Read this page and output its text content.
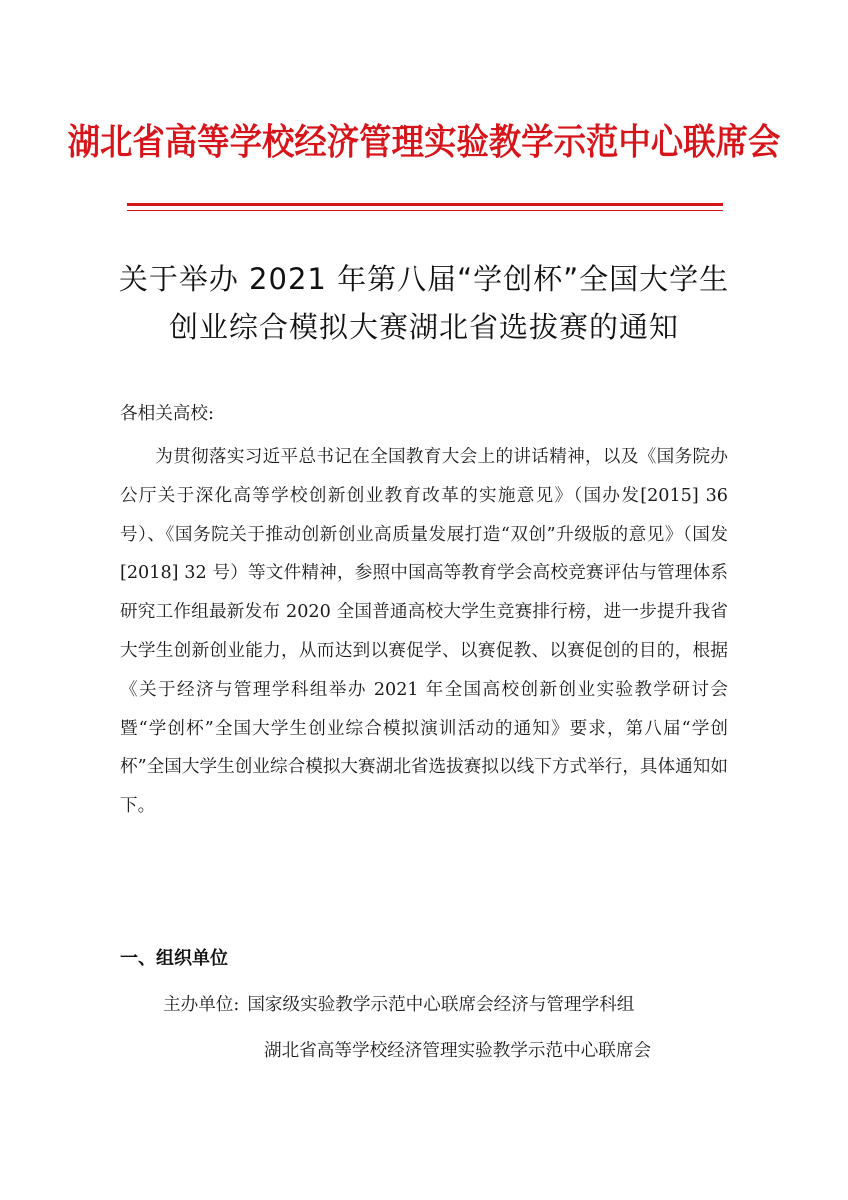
湖北省高等学校经济管理实验教学示范中心联席会
关于举办 2021 年第八届“学创杯”全国大学生
创业综合模拟大赛湖北省选拔赛的通知
各相关高校:
为贯彻落实习近平总书记在全国教育大会上的讲话精神，以及《国务院办公厅关于深化高等学校创新创业教育改革的实施意见》（国办发[2015] 36 号）、《国务院关于推动创新创业高质量发展打造“双创”升级版的意见》（国发[2018] 32 号）等文件精神，参照中国高等教育学会高校竞赛评估与管理体系研究工作组最新发布 2020 全国普通高校大学生竞赛排行榜，进一步提升我省大学生创新创业能力，从而达到以赛促学、以赛促教、以赛促创的目的，根据《关于经济与管理学科组举办 2021 年全国高校创新创业实验教学研讨会暨“学创杯”全国大学生创业综合模拟演训活动的通知》要求，第八届“学创杯”全国大学生创业综合模拟大赛湖北省选拔赛拟以线下方式举行，具体通知如下。
一、组织单位
主办单位: 国家级实验教学示范中心联席会经济与管理学科组
湖北省高等学校经济管理实验教学示范中心联席会
